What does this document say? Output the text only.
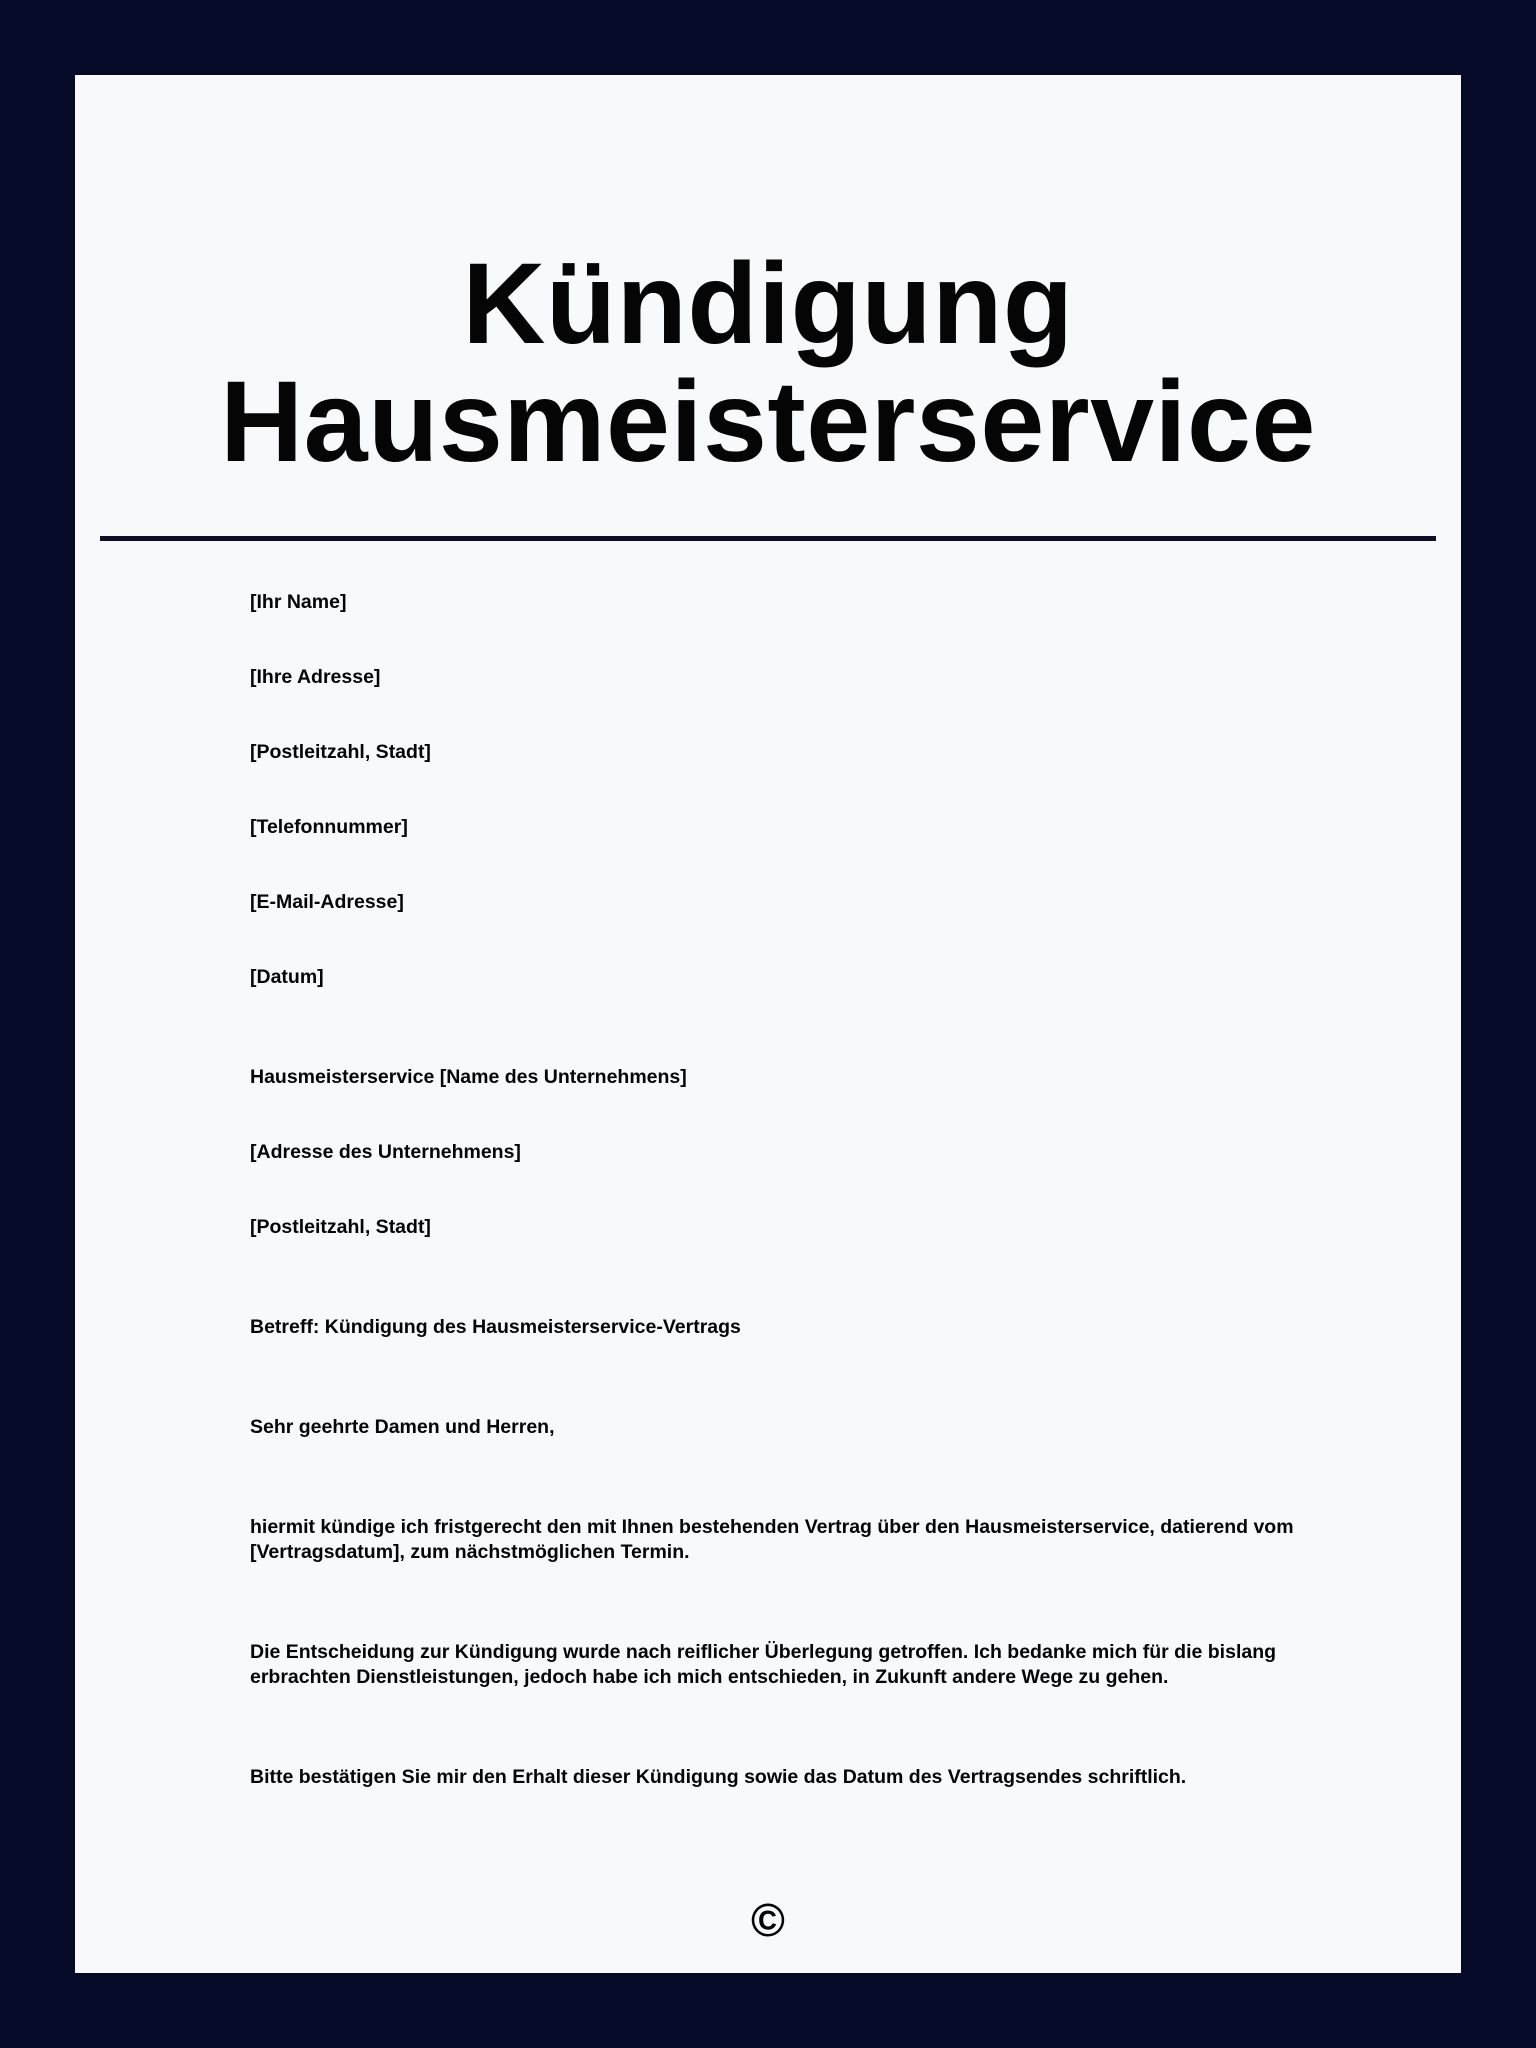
Kündigung
Hausmeisterservice

[Ihr Name]

[Ihre Adresse]

[Postleitzahl, Stadt]

[Telefonnummer]

[E-Mail-Adresse]

[Datum]

Hausmeisterservice [Name des Unternehmens]

[Adresse des Unternehmens]

[Postleitzahl, Stadt]

Betreff: Kündigung des Hausmeisterservice-Vertrags

Sehr geehrte Damen und Herren,

hiermit kündige ich fristgerecht den mit Ihnen bestehenden Vertrag über den Hausmeisterservice, datierend vom [Vertragsdatum], zum nächstmöglichen Termin.

Die Entscheidung zur Kündigung wurde nach reiflicher Überlegung getroffen. Ich bedanke mich für die bislang erbrachten Dienstleistungen, jedoch habe ich mich entschieden, in Zukunft andere Wege zu gehen.

Bitte bestätigen Sie mir den Erhalt dieser Kündigung sowie das Datum des Vertragsendes schriftlich.

©
